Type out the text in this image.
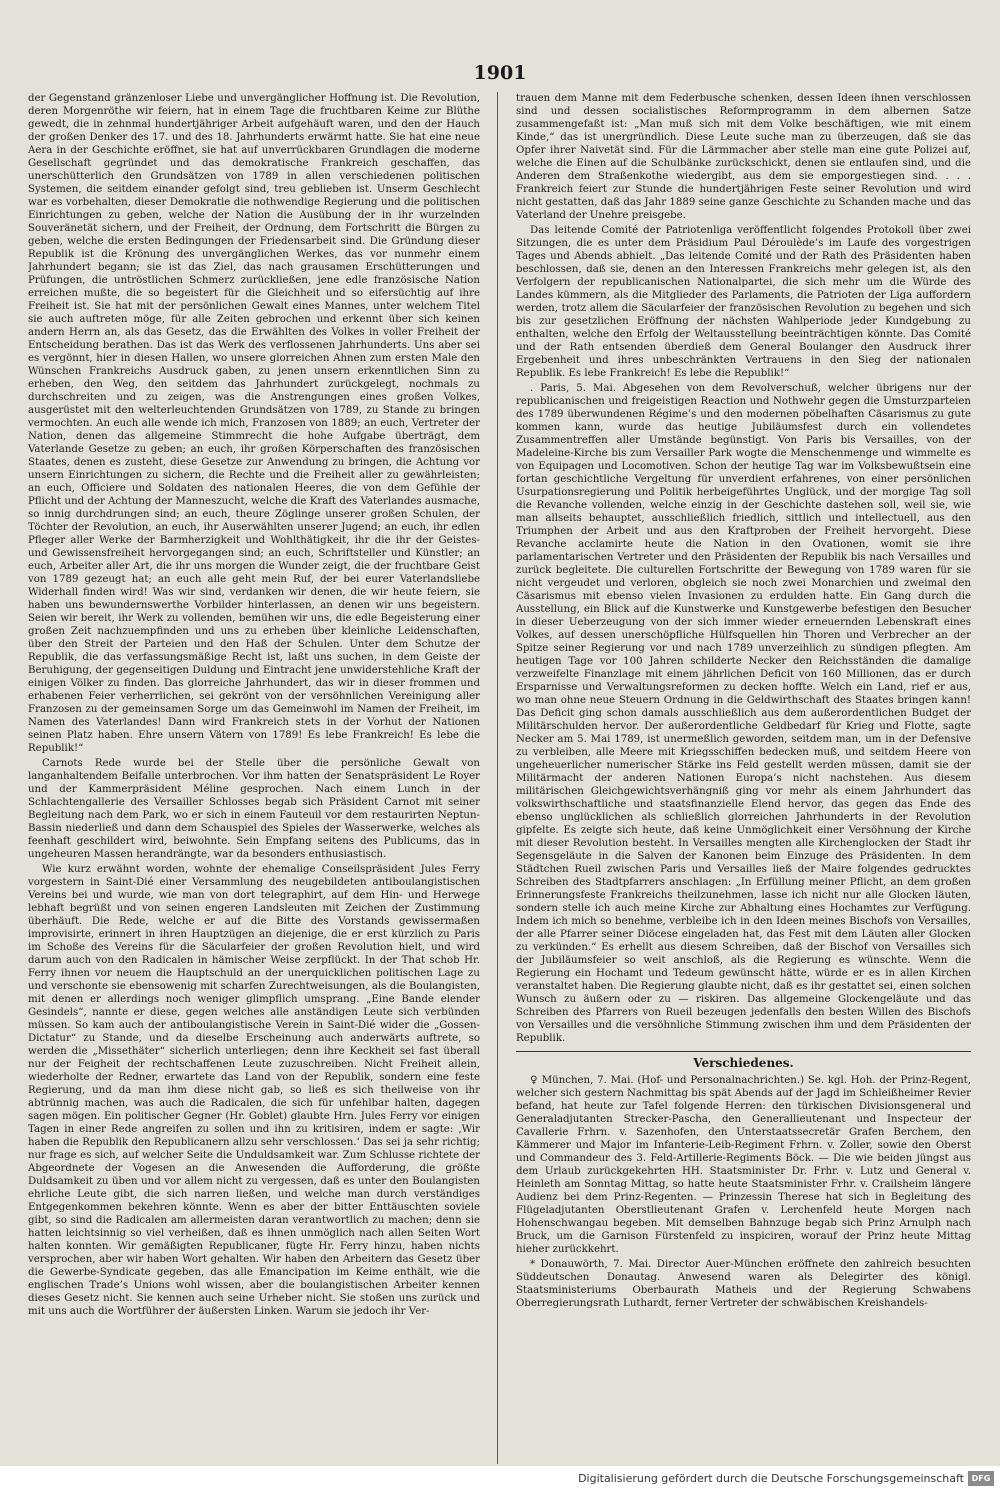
1901

der Gegenstand gränzenloser Liebe und unvergänglicher Hoffnung ist. Die Revolution, deren Morgenröthe wir feiern, hat in einem Tage die fruchtbaren Keime zur Blüthe gewedt, die in zehnmal hundertjähriger Arbeit aufgehäuft waren, und den der Hauch der großen Denker des 17. und des 18. Jahrhunderts erwärmt hatte. Sie hat eine neue Aera in der Geschichte eröffnet, sie hat auf unverrückbaren Grundlagen die moderne Gesellschaft gegründet und das demokratische Frankreich geschaffen, das unerschütterlich den Grundsätzen von 1789 in allen verschiedenen politischen Systemen, die seitdem einander gefolgt sind, treu geblieben ist. Unserm Geschlecht war es vorbehalten, dieser Demokratie die nothwendige Regierung und die politischen Einrichtungen zu geben, welche der Nation die Ausübung der in ihr wurzelnden Souveränetät sichern, und der Freiheit, der Ordnung, dem Fortschritt die Bürgen zu geben, welche die ersten Bedingungen der Friedensarbeit sind. Die Gründung dieser Republik ist die Krönung des unvergänglichen Werkes, das vor nunmehr einem Jahrhundert begann; sie ist das Ziel, das nach grausamen Erschütterungen und Prüfungen, die untröstlichen Schmerz zurückließen, jene edle französische Nation erreichen mußte, die so begeistert für die Gleichheit und so eifersüchtig auf ihre Freiheit ist. Sie hat mit der persönlichen Gewalt eines Mannes, unter welchem Titel sie auch auftreten möge, für alle Zeiten gebrochen und erkennt über sich keinen andern Herrn an, als das Gesetz, das die Erwählten des Volkes in voller Freiheit der Entscheidung berathen. Das ist das Werk des verflossenen Jahrhunderts. Uns aber sei es vergönnt, hier in diesen Hallen, wo unsere glorreichen Ahnen zum ersten Male den Wünschen Frankreichs Ausdruck gaben, zu jenen unsern erkenntlichen Sinn zu erheben, den Weg, den seitdem das Jahrhundert zurückgelegt, nochmals zu durchschreiten und zu zeigen, was die Anstrengungen eines großen Volkes, ausgerüstet mit den welterleuchtenden Grundsätzen von 1789, zu Stande zu bringen vermochten. An euch alle wende ich mich, Franzosen von 1889; an euch, Vertreter der Nation, denen das allgemeine Stimmrecht die hohe Aufgabe überträgt, dem Vaterlande Gesetze zu geben; an euch, ihr großen Körperschaften des französischen Staates, denen es zusteht, diese Gesetze zur Anwendung zu bringen, die Achtung vor unsern Einrichtungen zu sichern, die Rechte und die Freiheit aller zu gewährleisten; an euch, Officiere und Soldaten des nationalen Heeres, die von dem Gefühle der Pflicht und der Achtung der Manneszucht, welche die Kraft des Vaterlandes ausmache, so innig durchdrungen sind; an euch, theure Zöglinge unserer großen Schulen, der Töchter der Revolution, an euch, ihr Auserwählten unserer Jugend; an euch, ihr edlen Pfleger aller Werke der Barmherzigkeit und Wohlthätigkeit, ihr die ihr der Geistes- und Gewissensfreiheit hervorgegangen sind; an euch, Schriftsteller und Künstler; an euch, Arbeiter aller Art, die ihr uns morgen die Wunder zeigt, die der fruchtbare Geist von 1789 gezeugt hat; an euch alle geht mein Ruf, der bei eurer Vaterlandsliebe Widerhall finden wird! Was wir sind, verdanken wir denen, die wir heute feiern, sie haben uns bewundernswerthe Vorbilder hinterlassen, an denen wir uns begeistern. Seien wir bereit, ihr Werk zu vollenden, bemühen wir uns, die edle Begeisterung einer großen Zeit nachzuempfinden und uns zu erheben über kleinliche Leidenschaften, über den Streit der Parteien und den Haß der Schulen. Unter dem Schutze der Republik, die das verfassungsmäßige Recht ist, laßt uns suchen, in dem Geiste der Beruhigung, der gegenseitigen Duldung und Eintracht jene unwiderstehliche Kraft der einigen Völker zu finden. Das glorreiche Jahrhundert, das wir in dieser frommen und erhabenen Feier verherrlichen, sei gekrönt von der versöhnlichen Vereinigung aller Franzosen zu der gemeinsamen Sorge um das Gemeinwohl im Namen der Freiheit, im Namen des Vaterlandes! Dann wird Frankreich stets in der Vorhut der Nationen seinen Platz haben. Ehre unsern Vätern von 1789! Es lebe Frankreich! Es lebe die Republik!“

Carnots Rede wurde bei der Stelle über die persönliche Gewalt von langanhaltendem Beifalle unterbrochen. Vor ihm hatten der Senatspräsident Le Royer und der Kammerpräsident Méline gesprochen. Nach einem Lunch in der Schlachtengallerie des Versailler Schlosses begab sich Präsident Carnot mit seiner Begleitung nach dem Park, wo er sich in einem Fauteuil vor dem restaurirten Neptun-Bassin niederließ und dann dem Schauspiel des Spieles der Wasserwerke, welches als feenhaft geschildert wird, beiwohnte. Sein Empfang seitens des Publicums, das in ungeheuren Massen herandrängte, war da besonders enthusiastisch.

Wie kurz erwähnt worden, wohnte der ehemalige Conseilspräsident Jules Ferry vorgestern in Saint-Dié einer Versammlung des neugebildeten antiboulangistischen Vereins bei und wurde, wie man von dort telegraphirt, auf dem Hin- und Herwege lebhaft begrüßt und von seinen engeren Landsleuten mit Zeichen der Zustimmung überhäuft. Die Rede, welche er auf die Bitte des Vorstands gewissermaßen improvisirte, erinnert in ihren Hauptzügen an diejenige, die er erst kürzlich zu Paris im Schoße des Vereins für die Säcularfeier der großen Revolution hielt, und wird darum auch von den Radicalen in hämischer Weise zerpflückt. In der That schob Hr. Ferry ihnen vor neuem die Hauptschuld an der unerquicklichen politischen Lage zu und verschonte sie ebensowenig mit scharfen Zurechtweisungen, als die Boulangisten, mit denen er allerdings noch weniger glimpflich umsprang. „Eine Bande elender Gesindels“, nannte er diese, gegen welches alle anständigen Leute sich verbünden müssen. So kam auch der antiboulangistische Verein in Saint-Dié wider die „Gossen-Dictatur“ zu Stande, und da dieselbe Erscheinung auch anderwärts auftrete, so werden die „Missethäter“ sicherlich unterliegen; denn ihre Keckheit sei fast überall nur der Feigheit der rechtschaffenen Leute zuzuschreiben. Nicht Freiheit allein, wiederholte der Redner, erwartete das Land von der Republik, sondern eine feste Regierung, und da man ihm diese nicht gab, so ließ es sich theilweise von ihr abtrünnig machen, was auch die Radicalen, die sich für unfehlbar halten, dagegen sagen mögen. Ein politischer Gegner (Hr. Goblet) glaubte Hrn. Jules Ferry vor einigen Tagen in einer Rede angreifen zu sollen und ihn zu kritisiren, indem er sagte: ‚Wir haben die Republik den Republicanern allzu sehr verschlossen.‘ Das sei ja sehr richtig; nur frage es sich, auf welcher Seite die Unduldsamkeit war. Zum Schlusse richtete der Abgeordnete der Vogesen an die Anwesenden die Aufforderung, die größte Duldsamkeit zu üben und vor allem nicht zu vergessen, daß es unter den Boulangisten ehrliche Leute gibt, die sich narren ließen, und welche man durch verständiges Entgegenkommen bekehren könnte. Wenn es aber der bitter Enttäuschten soviele gibt, so sind die Radicalen am allermeisten daran verantwortlich zu machen; denn sie hatten leichtsinnig so viel verheißen, daß es ihnen unmöglich nach allen Seiten Wort halten konnten. Wir gemäßigten Republicaner, fügte Hr. Ferry hinzu, haben nichts versprochen, aber wir haben Wort gehalten. Wir haben den Arbeitern das Gesetz über die Gewerbe-Syndicate gegeben, das alle Emancipation im Keime enthält, wie die englischen Trade’s Unions wohl wissen, aber die boulangistischen Arbeiter kennen dieses Gesetz nicht. Sie kennen auch seine Urheber nicht. Sie stoßen uns zurück und mit uns auch die Wortführer der äußersten Linken. Warum sie jedoch ihr Ver-

trauen dem Manne mit dem Federbusche schenken, dessen Ideen ihnen verschlossen sind und dessen socialistisches Reformprogramm in dem albernen Satze zusammengefaßt ist: „Man muß sich mit dem Volke beschäftigen, wie mit einem Kinde,“ das ist unergründlich. Diese Leute suche man zu überzeugen, daß sie das Opfer ihrer Naivetät sind. Für die Lärmmacher aber stelle man eine gute Polizei auf, welche die Einen auf die Schulbänke zurückschickt, denen sie entlaufen sind, und die Anderen dem Straßenkothe wiedergibt, aus dem sie emporgestiegen sind. . . . Frankreich feiert zur Stunde die hundertjährigen Feste seiner Revolution und wird nicht gestatten, daß das Jahr 1889 seine ganze Geschichte zu Schanden mache und das Vaterland der Unehre preisgebe.

Das leitende Comité der Patriotenliga veröffentlicht folgendes Protokoll über zwei Sitzungen, die es unter dem Präsidium Paul Déroulède’s im Laufe des vorgestrigen Tages und Abends abhielt. „Das leitende Comité und der Rath des Präsidenten haben beschlossen, daß sie, denen an den Interessen Frankreichs mehr gelegen ist, als den Verfolgern der republicanischen Nationalpartei, die sich mehr um die Würde des Landes kümmern, als die Mitglieder des Parlaments, die Patrioten der Liga auffordern werden, trotz allem die Säcularfeier der französischen Revolution zu begehen und sich bis zur gesetzlichen Eröffnung der nächsten Wahlperiode jeder Kundgebung zu enthalten, welche den Erfolg der Weltausstellung beeinträchtigen könnte. Das Comité und der Rath entsenden überdieß dem General Boulanger den Ausdruck ihrer Ergebenheit und ihres unbeschränkten Vertrauens in den Sieg der nationalen Republik. Es lebe Frankreich! Es lebe die Republik!“

. Paris, 5. Mai. Abgesehen von dem Revolverschuß, welcher übrigens nur der republicanischen und freigeistigen Reaction und Nothwehr gegen die Umsturzparteien des 1789 überwundenen Régime’s und den modernen pöbelhaften Cäsarismus zu gute kommen kann, wurde das heutige Jubiläumsfest durch ein vollendetes Zusammentreffen aller Umstände begünstigt. Von Paris bis Versailles, von der Madeleine-Kirche bis zum Versailler Park wogte die Menschenmenge und wimmelte es von Equipagen und Locomotiven. Schon der heutige Tag war im Volksbewußtsein eine fortan geschichtliche Vergeltung für unverdient erfahrenes, von einer persönlichen Usurpationsregierung und Politik herbeigeführtes Unglück, und der morgige Tag soll die Revanche vollenden, welche einzig in der Geschichte dastehen soll, weil sie, wie man allseits behauptet, ausschließlich friedlich, sittlich und intellectuell, aus den Triumphen der Arbeit und aus den Kraftproben der Freiheit hervorgeht. Diese Revanche acclamirte heute die Nation in den Ovationen, womit sie ihre parlamentarischen Vertreter und den Präsidenten der Republik bis nach Versailles und zurück begleitete. Die culturellen Fortschritte der Bewegung von 1789 waren für sie nicht vergeudet und verloren, obgleich sie noch zwei Monarchien und zweimal den Cäsarismus mit ebenso vielen Invasionen zu erdulden hatte. Ein Gang durch die Ausstellung, ein Blick auf die Kunstwerke und Kunstgewerbe befestigen den Besucher in dieser Ueberzeugung von der sich immer wieder erneuernden Lebenskraft eines Volkes, auf dessen unerschöpfliche Hülfsquellen hin Thoren und Verbrecher an der Spitze seiner Regierung vor und nach 1789 unverzeihlich zu sündigen pflegten. Am heutigen Tage vor 100 Jahren schilderte Necker den Reichsständen die damalige verzweifelte Finanzlage mit einem jährlichen Deficit von 160 Millionen, das er durch Ersparnisse und Verwaltungsreformen zu decken hoffte. Welch ein Land, rief er aus, wo man ohne neue Steuern Ordnung in die Geldwirthschaft des Staates bringen kann! Das Deficit ging schon damals ausschließlich aus dem außerordentlichen Budget der Militärschulden hervor. Der außerordentliche Geldbedarf für Krieg und Flotte, sagte Necker am 5. Mai 1789, ist unermeßlich geworden, seitdem man, um in der Defensive zu verbleiben, alle Meere mit Kriegsschiffen bedecken muß, und seitdem Heere von ungeheuerlicher numerischer Stärke ins Feld gestellt werden müssen, damit sie der Militärmacht der anderen Nationen Europa’s nicht nachstehen. Aus diesem militärischen Gleichgewichtsverhängniß ging vor mehr als einem Jahrhundert das volkswirthschaftliche und staatsfinanzielle Elend hervor, das gegen das Ende des ebenso unglücklichen als schließlich glorreichen Jahrhunderts in der Revolution gipfelte. Es zeigte sich heute, daß keine Unmöglichkeit einer Versöhnung der Kirche mit dieser Revolution besteht. In Versailles mengten alle Kirchenglocken der Stadt ihr Segensgeläute in die Salven der Kanonen beim Einzuge des Präsidenten. In dem Städtchen Rueil zwischen Paris und Versailles ließ der Maire folgendes gedrucktes Schreiben des Stadtpfarrers anschlagen: „In Erfüllung meiner Pflicht, an dem großen Erinnerungsfeste Frankreichs theilzunehmen, lasse ich nicht nur alle Glocken läuten, sondern stelle ich auch meine Kirche zur Abhaltung eines Hochamtes zur Verfügung. Indem ich mich so benehme, verbleibe ich in den Ideen meines Bischofs von Versailles, der alle Pfarrer seiner Diöcese eingeladen hat, das Fest mit dem Läuten aller Glocken zu verkünden.“ Es erhellt aus diesem Schreiben, daß der Bischof von Versailles sich der Jubiläumsfeier so weit anschloß, als die Regierung es wünschte. Wenn die Regierung ein Hochamt und Tedeum gewünscht hätte, würde er es in allen Kirchen veranstaltet haben. Die Regierung glaubte nicht, daß es ihr gestattet sei, einen solchen Wunsch zu äußern oder zu — riskiren. Das allgemeine Glockengeläute und das Schreiben des Pfarrers von Rueil bezeugen jedenfalls den besten Willen des Bischofs von Versailles und die versöhnliche Stimmung zwischen ihm und dem Präsidenten der Republik.

Verschiedenes.

♀ München, 7. Mai. (Hof- und Personalnachrichten.) Se. kgl. Hoh. der Prinz-Regent, welcher sich gestern Nachmittag bis spät Abends auf der Jagd im Schleißheimer Revier befand, hat heute zur Tafel folgende Herren: den türkischen Divisionsgeneral und Generaladjutanten Strecker-Pascha, den Generallieutenant und Inspecteur der Cavallerie Frhrn. v. Sazenhofen, den Unterstaatssecretär Grafen Berchem, den Kämmerer und Major im Infanterie-Leib-Regiment Frhrn. v. Zoller, sowie den Oberst und Commandeur des 3. Feld-Artillerie-Regiments Böck. — Die wie beiden jüngst aus dem Urlaub zurückgekehrten HH. Staatsminister Dr. Frhr. v. Lutz und General v. Heinleth am Sonntag Mittag, so hatte heute Staatsminister Frhr. v. Crailsheim längere Audienz bei dem Prinz-Regenten. — Prinzessin Therese hat sich in Begleitung des Flügeladjutanten Oberstlieutenant Grafen v. Lerchenfeld heute Morgen nach Hohenschwangau begeben. Mit demselben Bahnzuge begab sich Prinz Arnulph nach Bruck, um die Garnison Fürstenfeld zu inspiciren, worauf der Prinz heute Mittag hieher zurückkehrt.

* Donauwörth, 7. Mai. Director Auer-München eröffnete den zahlreich besuchten Süddeutschen Donautag. Anwesend waren als Delegirter des königl. Staatsministeriums Oberbaurath Matheis und der Regierung Schwabens Oberregierungsrath Luthardt, ferner Vertreter der schwäbischen Kreishandels-

Digitalisierung gefördert durch die Deutsche Forschungsgemeinschaft DFG
